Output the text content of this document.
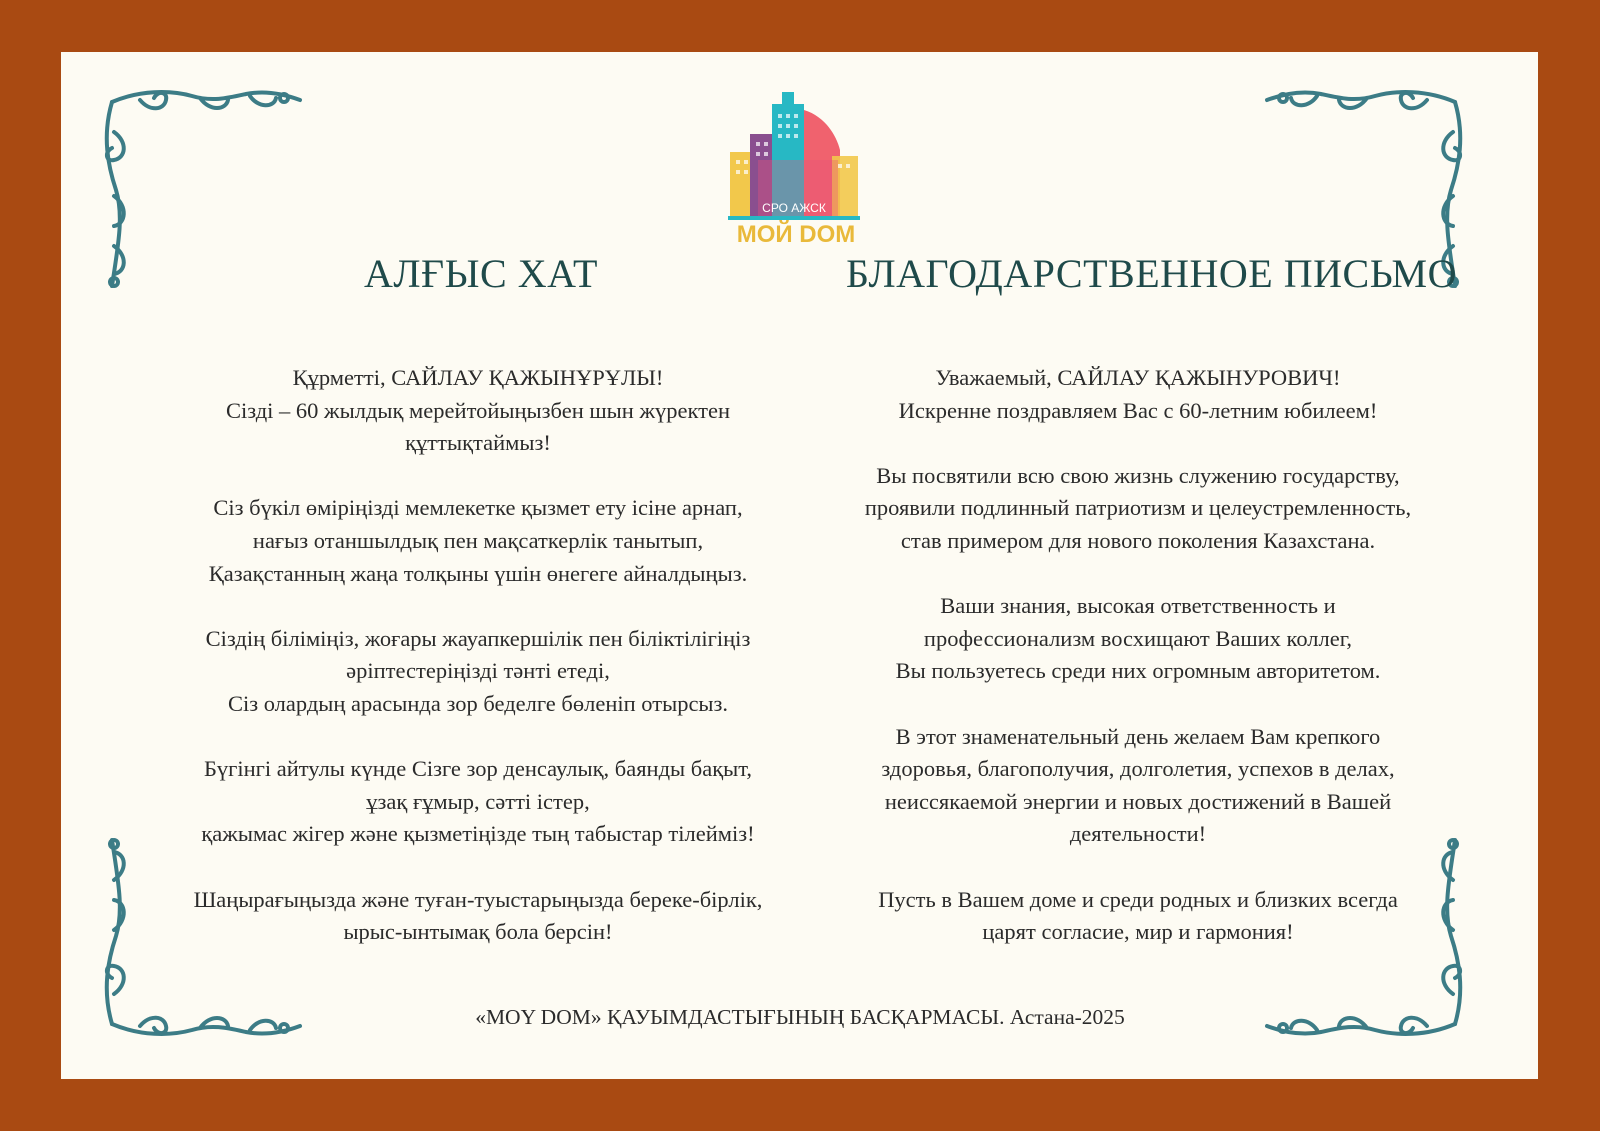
СРО АЖСК
МОЙ DOM
АЛҒЫС ХАТ	БЛАГОДАРСТВЕННОЕ ПИСЬМО

Құрметті, САЙЛАУ ҚАЖЫНҰРҰЛЫ!
Сізді – 60 жылдық мерейтойыңызбен шын жүректен
құттықтаймыз!

Сіз бүкіл өміріңізді мемлекетке қызмет ету ісіне арнап,
нағыз отаншылдық пен мақсаткерлік танытып,
Қазақстанның жаңа толқыны үшін өнегеге айналдыңыз.

Сіздің біліміңіз, жоғары жауапкершілік пен біліктілігіңіз
әріптестеріңізді тәнті етеді,
Сіз олардың арасында зор беделге бөленіп отырсыз.

Бүгінгі айтулы күнде Сізге зор денсаулық, баянды бақыт,
ұзақ ғұмыр, сәтті істер,
қажымас жігер және қызметіңізде тың табыстар тілейміз!

Шаңырағыңызда және туған-туыстарыңызда береке-бірлік,
ырыс-ынтымақ бола берсін!

Уважаемый, САЙЛАУ ҚАЖЫНУРОВИЧ!
Искренне поздравляем Вас с 60-летним юбилеем!

Вы посвятили всю свою жизнь служению государству,
проявили подлинный патриотизм и целеустремленность,
став примером для нового поколения Казахстана.

Ваши знания, высокая ответственность и
профессионализм восхищают Ваших коллег,
Вы пользуетесь среди них огромным авторитетом.

В этот знаменательный день желаем Вам крепкого
здоровья, благополучия, долголетия, успехов в делах,
неиссякаемой энергии и новых достижений в Вашей
деятельности!

Пусть в Вашем доме и среди родных и близких всегда
царят согласие, мир и гармония!

«MOY DOM» ҚАУЫМДАСТЫҒЫНЫҢ БАСҚАРМАСЫ. Астана-2025
